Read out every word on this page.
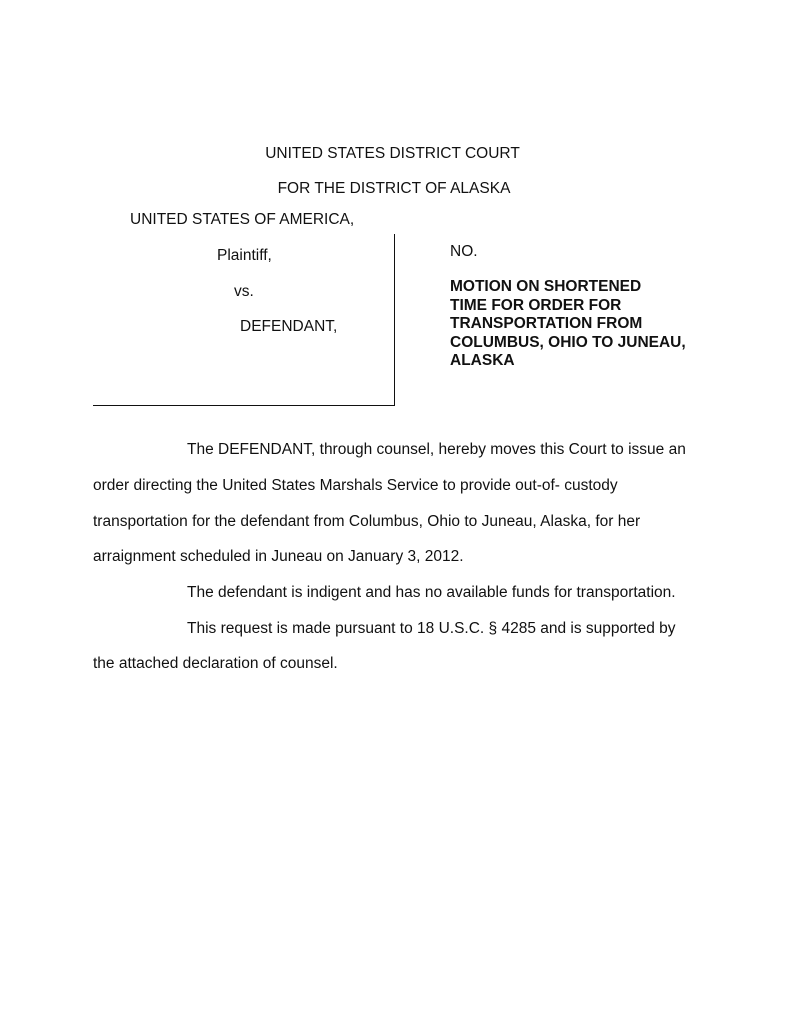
UNITED STATES DISTRICT COURT
FOR THE DISTRICT OF ALASKA
UNITED STATES OF AMERICA,
Plaintiff,
vs.
DEFENDANT,
NO.
MOTION ON SHORTENED
TIME FOR ORDER FOR
TRANSPORTATION FROM
COLUMBUS, OHIO TO JUNEAU,
ALASKA
The DEFENDANT, through counsel, hereby moves this Court to issue an
order directing the United States Marshals Service to provide out-of- custody
transportation for the defendant from Columbus, Ohio to Juneau, Alaska, for her
arraignment scheduled in Juneau on January 3, 2012.
The defendant is indigent and has no available funds for transportation.
This request is made pursuant to 18 U.S.C. § 4285 and is supported by
the attached declaration of counsel.
